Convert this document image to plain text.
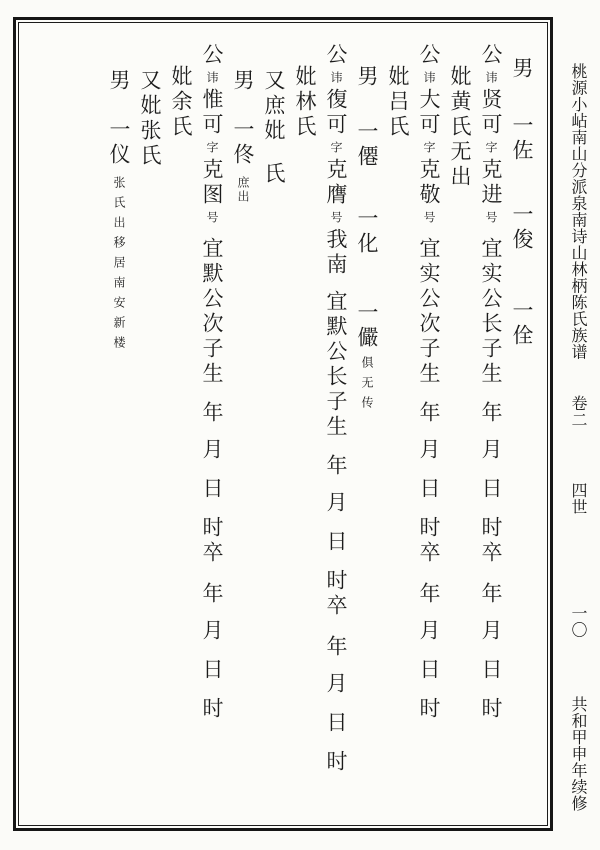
男一佐一俊一佺
公讳贤可字克进号宜实公长子生年月日时卒年月日时
妣黄氏无出
公讳大可字克敬号宜实公次子生年月日时卒年月日时
妣吕氏
男一僊一化一儼俱无传
公讳復可字克膺号我南宜默公长子生年月日时卒年月日时
妣林氏
又庶妣氏
男一佟庶出
公讳惟可字克图号宜默公次子生年月日时卒年月日时
妣余氏
又妣张氏
男一仪张氏出移居南安新楼	桃源小岾南山分派泉南诗山林柄陈氏族谱卷二四世一〇共和甲申年续修
